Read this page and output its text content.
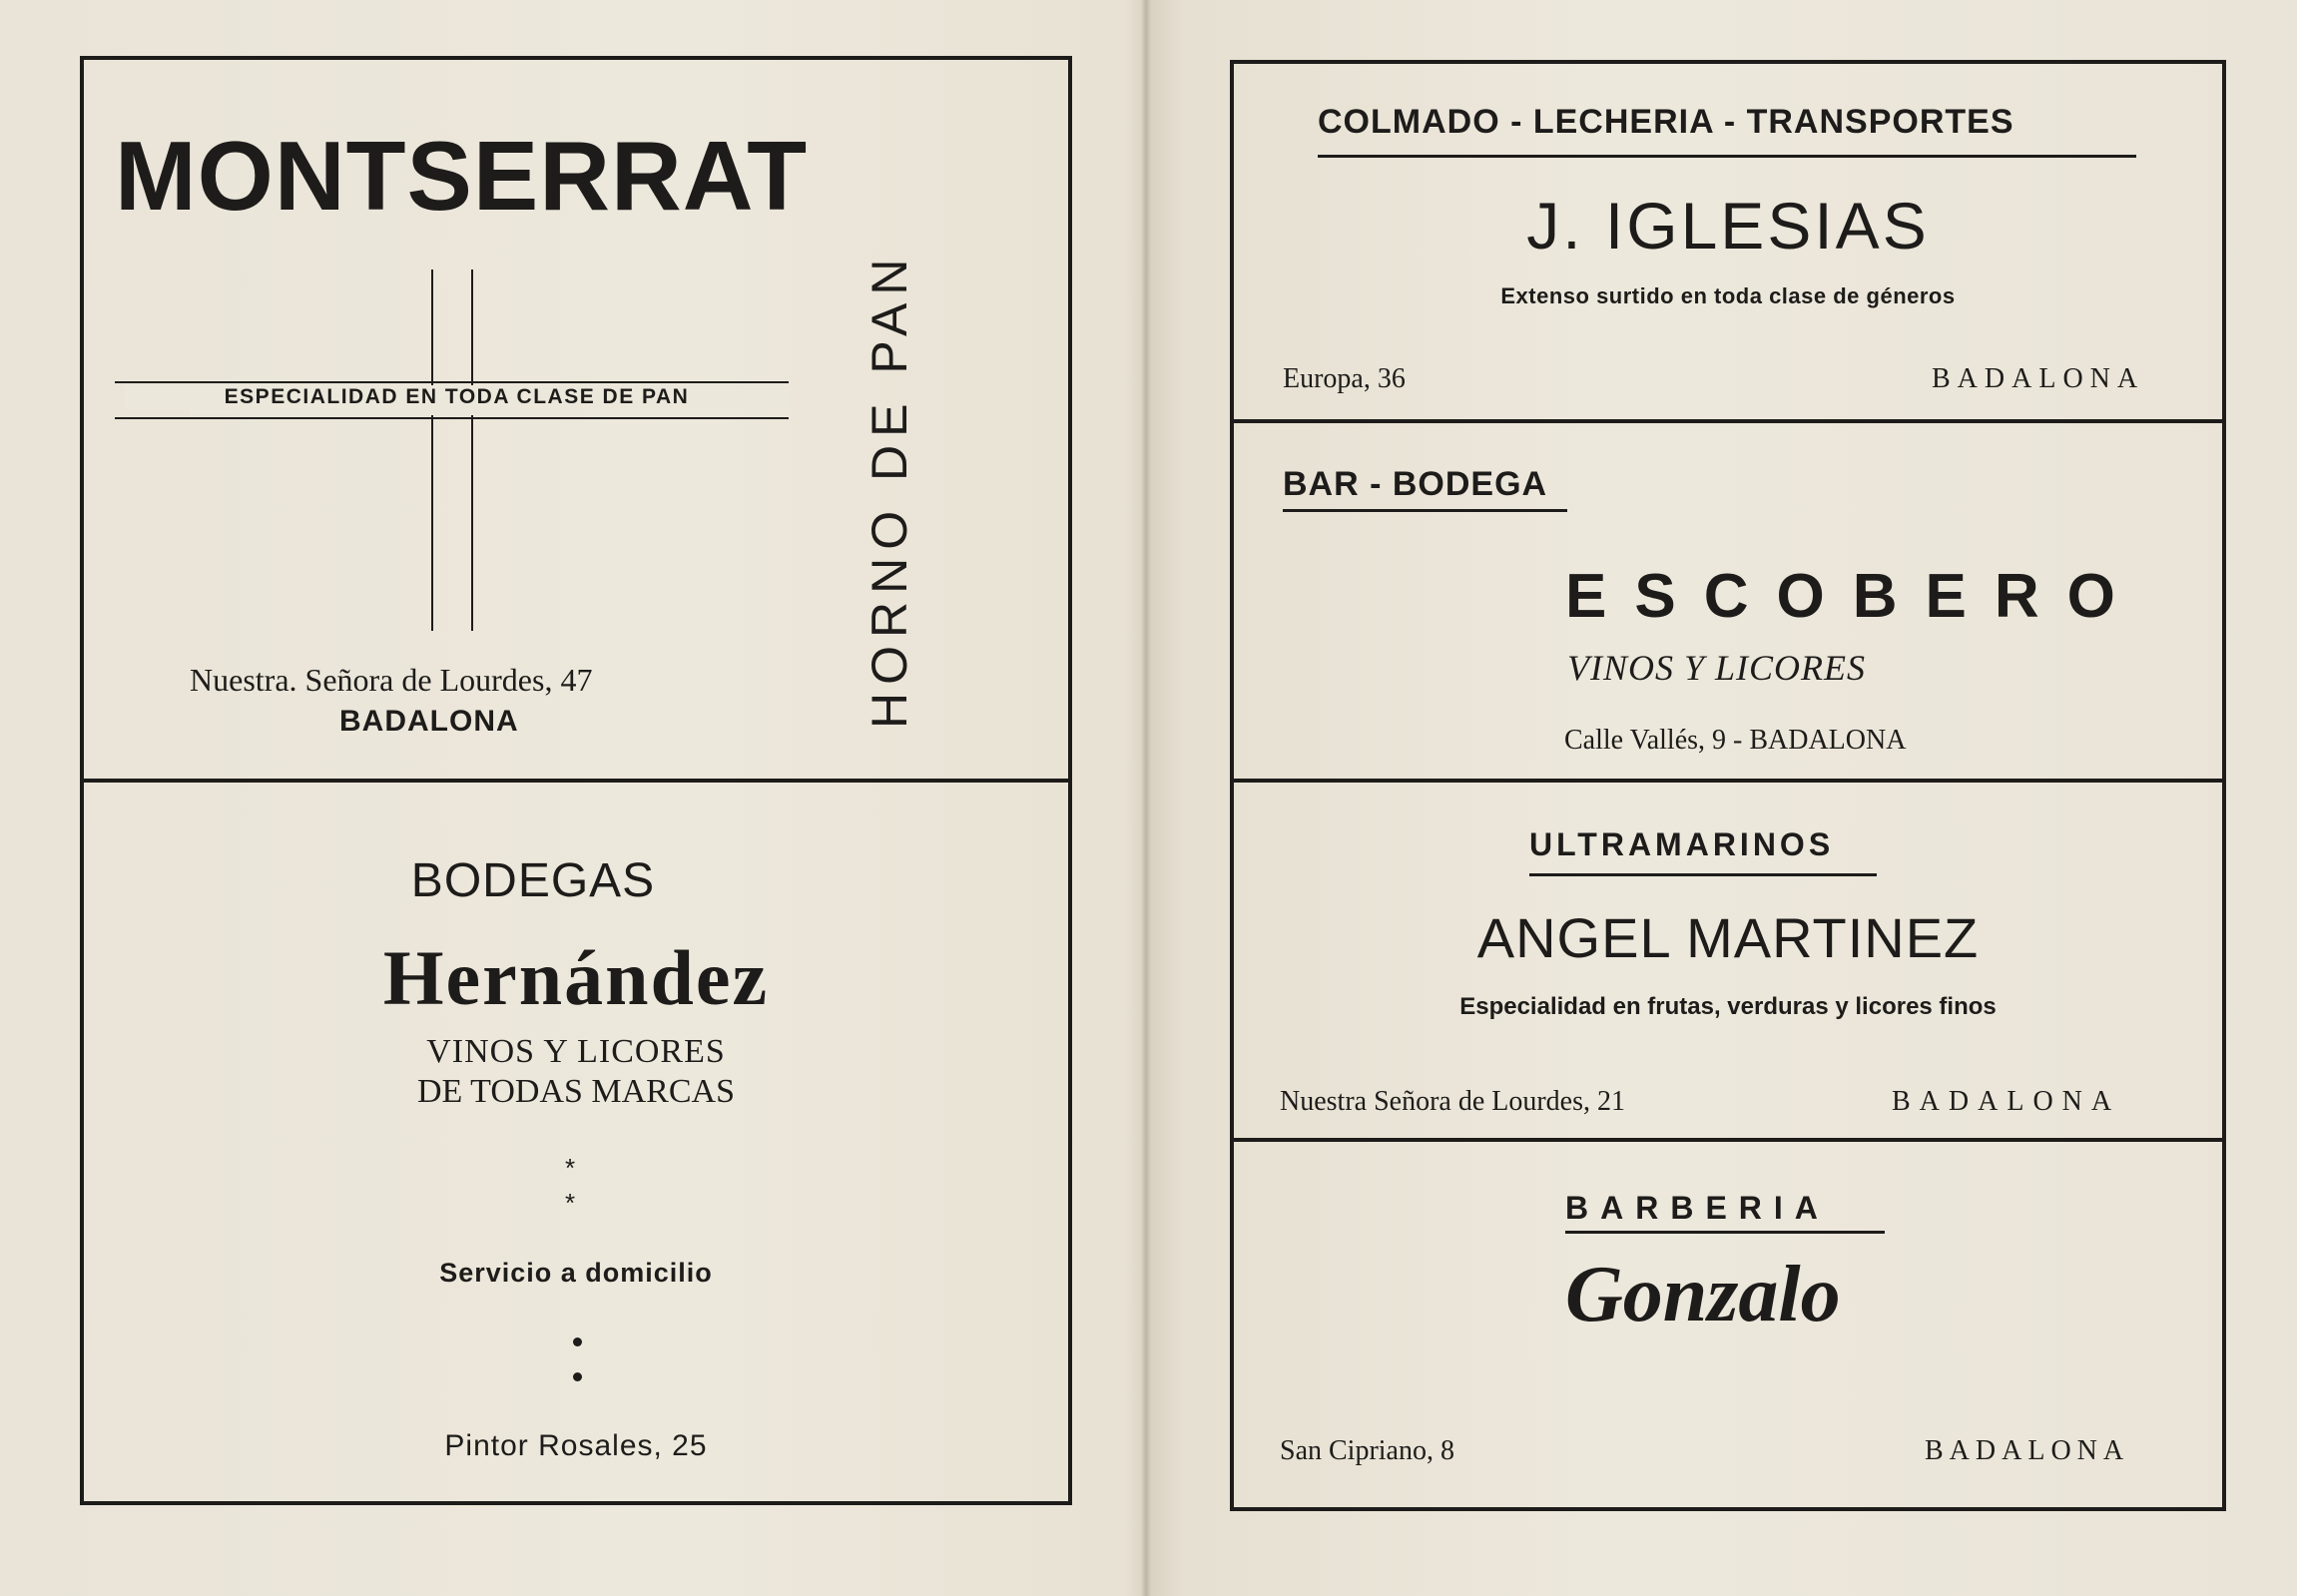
MONTSERRAT
ESPECIALIDAD EN TODA CLASE DE PAN	HORNO DE PAN
Nuestra. Señora de Lourdes, 47
BADALONA
BODEGAS
Hernández
VINOS Y LICORES
DE TODAS MARCAS
*
*
Servicio a domicilio
Pintor Rosales, 25
COLMADO - LECHERIA - TRANSPORTES
J. IGLESIAS
Extenso surtido en toda clase de géneros
Europa, 36	BADALONA
BAR - BODEGA
ESCOBERO
VINOS Y LICORES
Calle Vallés, 9 - BADALONA
ULTRAMARINOS
ANGEL MARTINEZ
Especialidad en frutas, verduras y licores finos
Nuestra Señora de Lourdes, 21	BADALONA
BARBERIA
Gonzalo
San Cipriano, 8	BADALONA
